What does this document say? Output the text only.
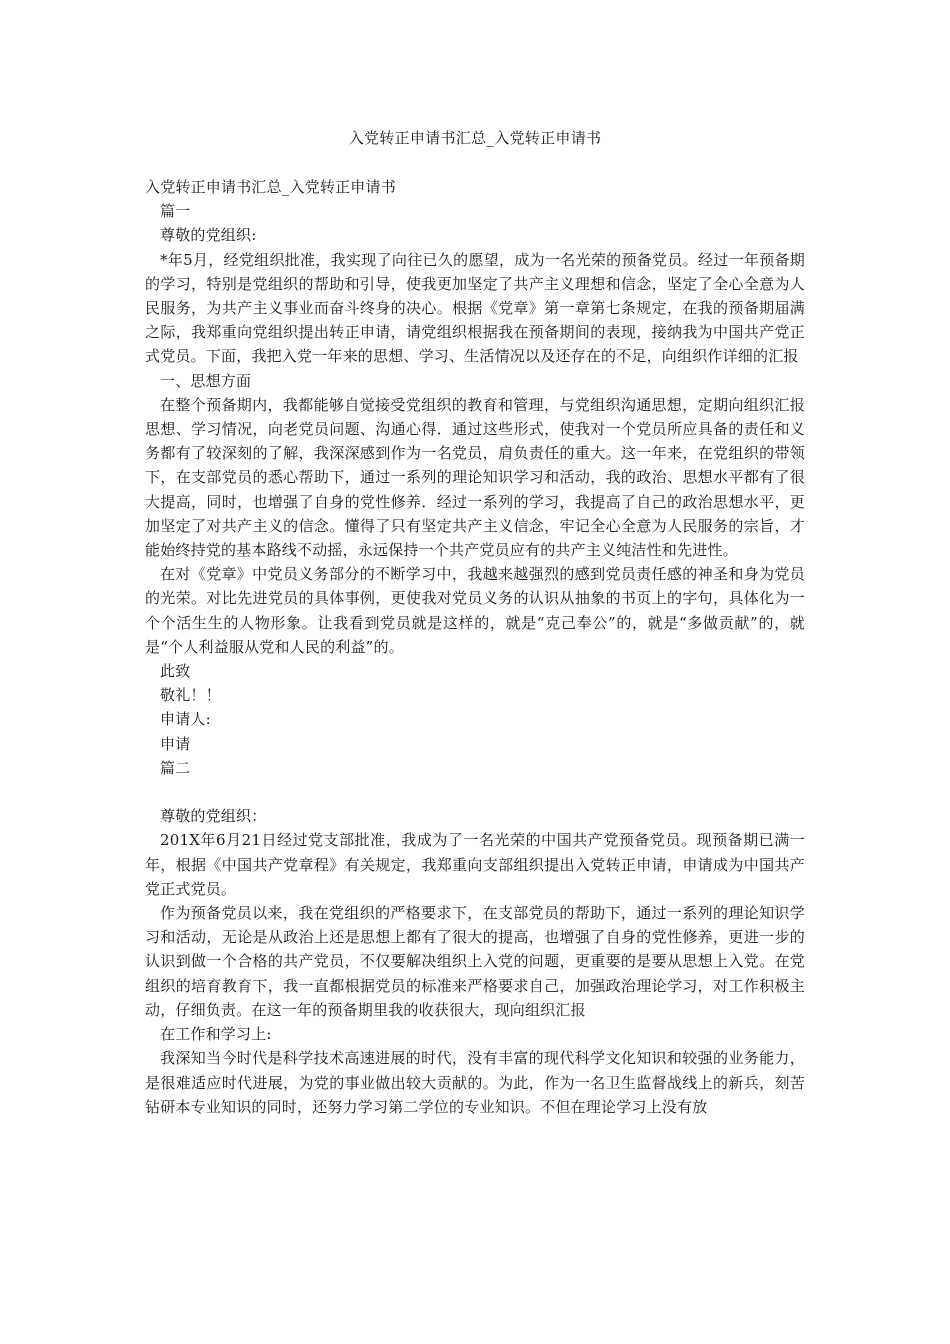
入党转正申请书汇总_入党转正申请书

入党转正申请书汇总_入党转正申请书

篇一

尊敬的党组织:

*年5月，经党组织批准，我实现了向往已久的愿望，成为一名光荣的预备党员。经过一年预备期的学习，特别是党组织的帮助和引导，使我更加坚定了共产主义理想和信念，坚定了全心全意为人民服务，为共产主义事业而奋斗终身的决心。根据《党章》第一章第七条规定，在我的预备期届满之际，我郑重向党组织提出转正申请，请党组织根据我在预备期间的表现，接纳我为中国共产党正式党员。下面，我把入党一年来的思想、学习、生活情况以及还存在的不足，向组织作详细的汇报

一、思想方面

在整个预备期内，我都能够自觉接受党组织的教育和管理，与党组织沟通思想，定期向组织汇报思想、学习情况，向老党员问题、沟通心得．通过这些形式，使我对一个党员所应具备的责任和义务都有了较深刻的了解，我深深感到作为一名党员，肩负责任的重大。这一年来，在党组织的带领下，在支部党员的悉心帮助下，通过一系列的理论知识学习和活动，我的政治、思想水平都有了很大提高，同时，也增强了自身的党性修养．经过一系列的学习，我提高了自己的政治思想水平，更加坚定了对共产主义的信念。懂得了只有坚定共产主义信念，牢记全心全意为人民服务的宗旨，才能始终持党的基本路线不动摇，永远保持一个共产党员应有的共产主义纯洁性和先进性。

在对《党章》中党员义务部分的不断学习中，我越来越强烈的感到党员责任感的神圣和身为党员的光荣。对比先进党员的具体事例，更使我对党员义务的认识从抽象的书页上的字句，具体化为一个个活生生的人物形象。让我看到党员就是这样的，就是“克己奉公”的，就是“多做贡献”的，就是“个人利益服从党和人民的利益”的。

此致

敬礼！！

申请人:

申请

篇二

尊敬的党组织：

201X年6月21日经过党支部批准，我成为了一名光荣的中国共产党预备党员。现预备期已满一年，根据《中国共产党章程》有关规定，我郑重向支部组织提出入党转正申请，申请成为中国共产党正式党员。

作为预备党员以来，我在党组织的严格要求下，在支部党员的帮助下，通过一系列的理论知识学习和活动，无论是从政治上还是思想上都有了很大的提高，也增强了自身的党性修养，更进一步的认识到做一个合格的共产党员，不仅要解决组织上入党的问题，更重要的是要从思想上入党。在党组织的培育教育下，我一直都根据党员的标准来严格要求自己，加强政治理论学习，对工作积极主动，仔细负责。在这一年的预备期里我的收获很大，现向组织汇报

在工作和学习上:

我深知当今时代是科学技术高速进展的时代，没有丰富的现代科学文化知识和较强的业务能力，是很难适应时代进展，为党的事业做出较大贡献的。为此，作为一名卫生监督战线上的新兵，刻苦钻研本专业知识的同时，还努力学习第二学位的专业知识。不但在理论学习上没有放
